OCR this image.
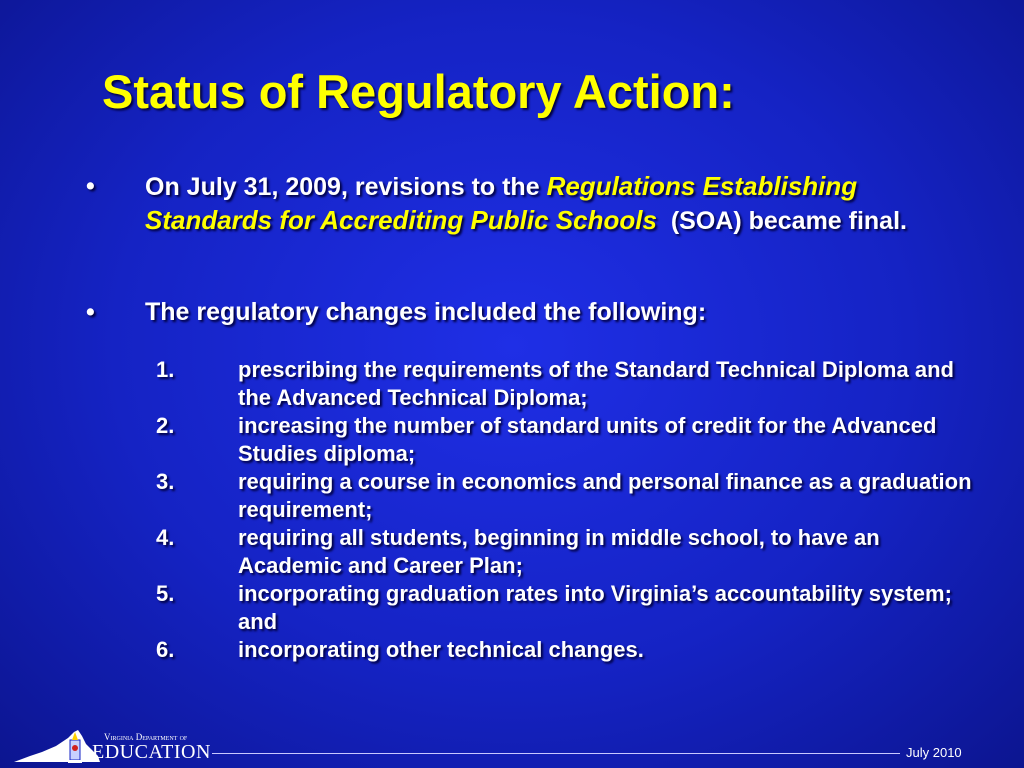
Status of Regulatory Action:
•	On July 31, 2009, revisions to the Regulations Establishing Standards for Accrediting Public Schools (SOA) became final.
•	The regulatory changes included the following:
1.	prescribing the requirements of the Standard Technical Diploma and the Advanced Technical Diploma;
2.	increasing the number of standard units of credit for the Advanced Studies diploma;
3.	requiring a course in economics and personal finance as a graduation requirement;
4.	requiring all students, beginning in middle school, to have an Academic and Career Plan;
5.	incorporating graduation rates into Virginia’s accountability system; and
6.	incorporating other technical changes.
Virginia Department of
EDUCATION	July 2010
